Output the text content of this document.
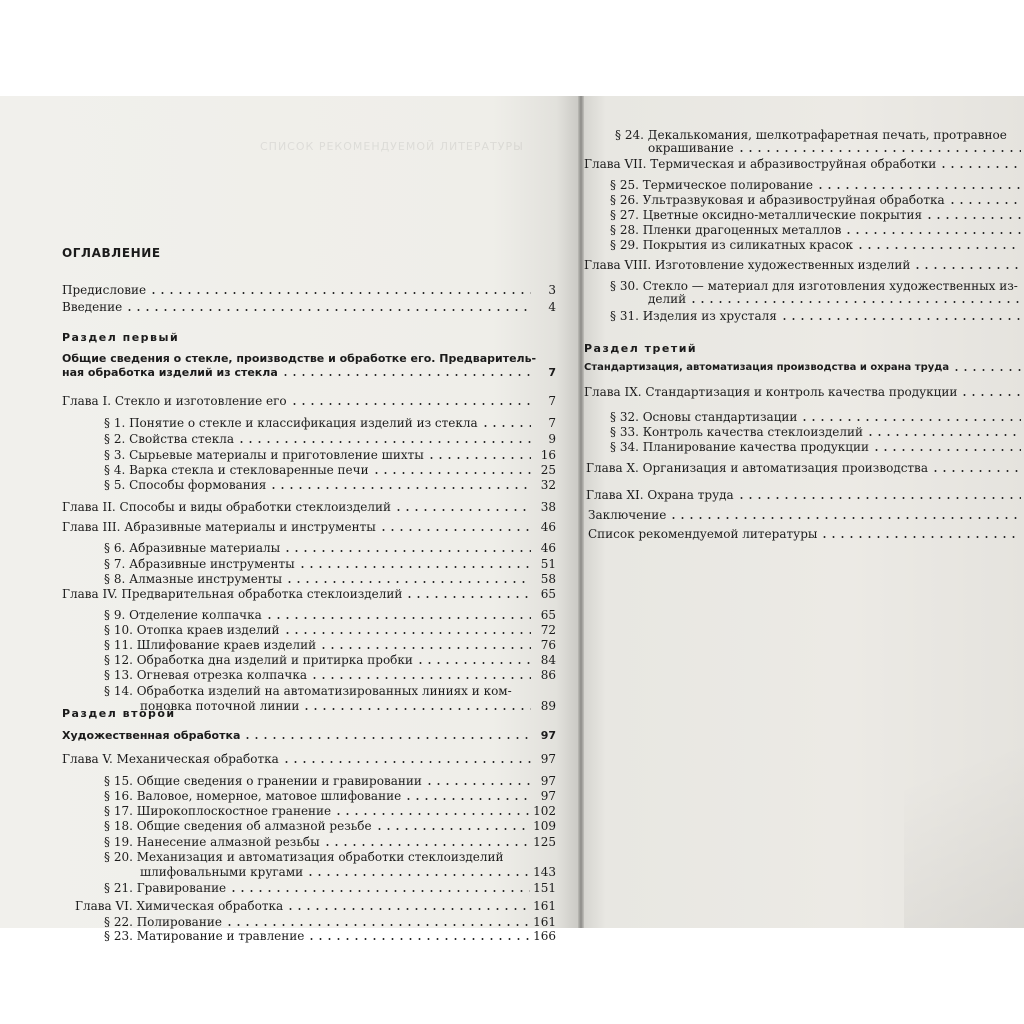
СПИСОК РЕКОМЕНДУЕМОЙ ЛИТЕРАТУРЫ
ОГЛАВЛЕНИЕ
Предисловие	3
Введение	4
Раздел первый
Общие сведения о стекле, производстве и обработке его. Предваритель-
ная обработка изделий из стекла	7
Глава I. Стекло и изготовление его	7
§ 1. Понятие о стекле и классификация изделий из стекла	7
§ 2. Свойства стекла	9
§ 3. Сырьевые материалы и приготовление шихты	16
§ 4. Варка стекла и стекловаренные печи	25
§ 5. Способы формования	32
Глава II. Способы и виды обработки стеклоизделий	38
Глава III. Абразивные материалы и инструменты	46
§ 6. Абразивные материалы	46
§ 7. Абразивные инструменты	51
§ 8. Алмазные инструменты	58
Глава IV. Предварительная обработка стеклоизделий	65
§ 9. Отделение колпачка	65
§ 10. Отопка краев изделий	72
§ 11. Шлифование краев изделий	76
§ 12. Обработка дна изделий и притирка пробки	84
§ 13. Огневая отрезка колпачка	86
§ 14. Обработка изделий на автоматизированных линиях и ком-
поновка поточной линии	89
Раздел второй
Художественная обработка	97
Глава V. Механическая обработка	97
§ 15. Общие сведения о гранении и гравировании	97
§ 16. Валовое, номерное, матовое шлифование	97
§ 17. Широкоплоскостное гранение	102
§ 18. Общие сведения об алмазной резьбе	109
§ 19. Нанесение алмазной резьбы	125
§ 20. Механизация и автоматизация обработки стеклоизделий
шлифовальными кругами	143
§ 21. Гравирование	151
Глава VI. Химическая обработка	161
§ 22. Полирование	161
§ 23. Матирование и травление	166
§ 24. Декалькомания, шелкотрафаретная печать, протравное
окрашивание
Глава VII. Термическая и абразивоструйная обработки
§ 25. Термическое полирование
§ 26. Ультразвуковая и абразивоструйная обработка
§ 27. Цветные оксидно-металлические покрытия
§ 28. Пленки драгоценных металлов
§ 29. Покрытия из силикатных красок
Глава VIII. Изготовление художественных изделий
§ 30. Стекло — материал для изготовления художественных из-
делий
§ 31. Изделия из хрусталя
Раздел третий
Стандартизация, автоматизация производства и охрана труда
Глава IX. Стандартизация и контроль качества продукции
§ 32. Основы стандартизации
§ 33. Контроль качества стеклоизделий
§ 34. Планирование качества продукции
Глава X. Организация и автоматизация производства
Глава XI. Охрана труда
Заключение
Список рекомендуемой литературы
